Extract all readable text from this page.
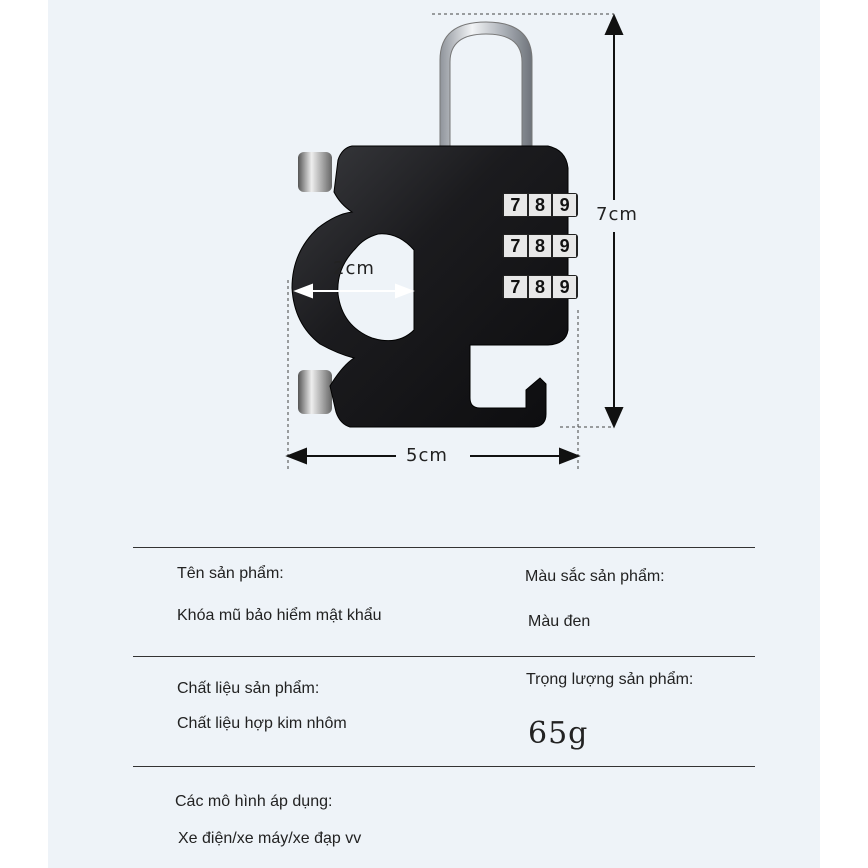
7 8 9
7 8 9
7 8 9
7cm
5cm
2cm
Tên sản phẩm:
Khóa mũ bảo hiểm mật khẩu
Màu sắc sản phẩm:
Màu đen
Chất liệu sản phẩm:
Chất liệu hợp kim nhôm
Trọng lượng sản phẩm:
65g
Các mô hình áp dụng:
Xe điện/xe máy/xe đạp vv
